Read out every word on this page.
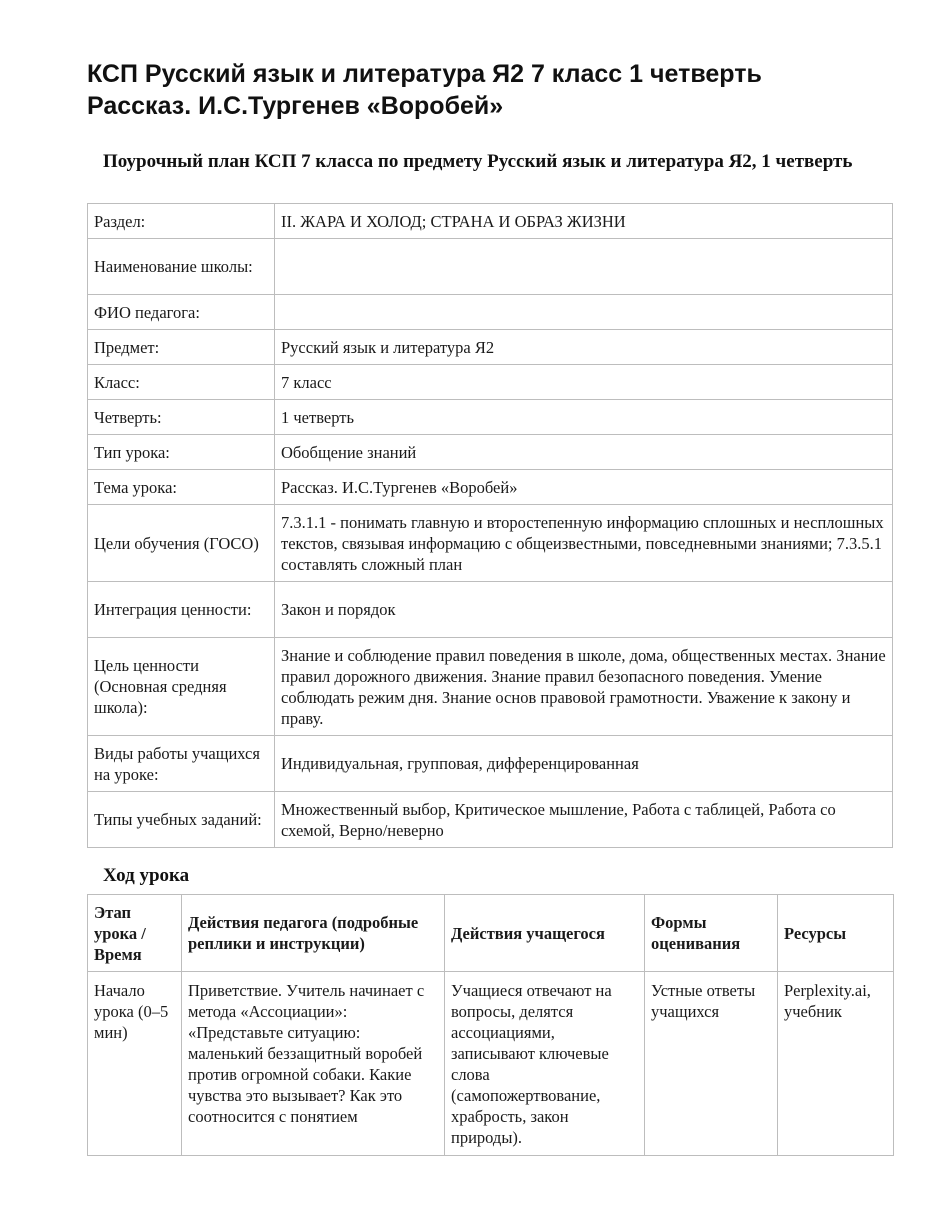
КСП Русский язык и литература Я2 7 класс 1 четверть
Рассказ. И.С.Тургенев «Воробей»
Поурочный план КСП 7 класса по предмету Русский язык и литература Я2, 1 четверть
Раздел:	II. ЖАРА И ХОЛОД; СТРАНА И ОБРАЗ ЖИЗНИ
Наименование школы:	
ФИО педагога:	
Предмет:	Русский язык и литература Я2
Класс:	7 класс
Четверть:	1 четверть
Тип урока:	Обобщение знаний
Тема урока:	Рассказ. И.С.Тургенев «Воробей»
Цели обучения (ГОСО)	7.3.1.1 - понимать главную и второстепенную информацию сплошных и несплошных текстов, связывая информацию с общеизвестными, повседневными знаниями; 7.3.5.1 составлять сложный план
Интеграция ценности:	Закон и порядок
Цель ценности (Основная средняя школа):	Знание и соблюдение правил поведения в школе, дома, общественных местах. Знание правил дорожного движения. Знание правил безопасного поведения. Умение соблюдать режим дня. Знание основ правовой грамотности. Уважение к закону и праву.
Виды работы учащихся на уроке:	Индивидуальная, групповая, дифференцированная
Типы учебных заданий:	Множественный выбор, Критическое мышление, Работа с таблицей, Работа со схемой, Верно/неверно
Ход урока
Этап урока / Время	Действия педагога (подробные реплики и инструкции)	Действия учащегося	Формы оценивания	Ресурсы
Начало урока (0–5 мин)	Приветствие. Учитель начинает с метода «Ассоциации»: «Представьте ситуацию: маленький беззащитный воробей против огромной собаки. Какие чувства это вызывает? Как это соотносится с понятием	Учащиеся отвечают на вопросы, делятся ассоциациями, записывают ключевые слова (самопожертвование, храбрость, закон природы).	Устные ответы учащихся	Perplexity.ai, учебник
